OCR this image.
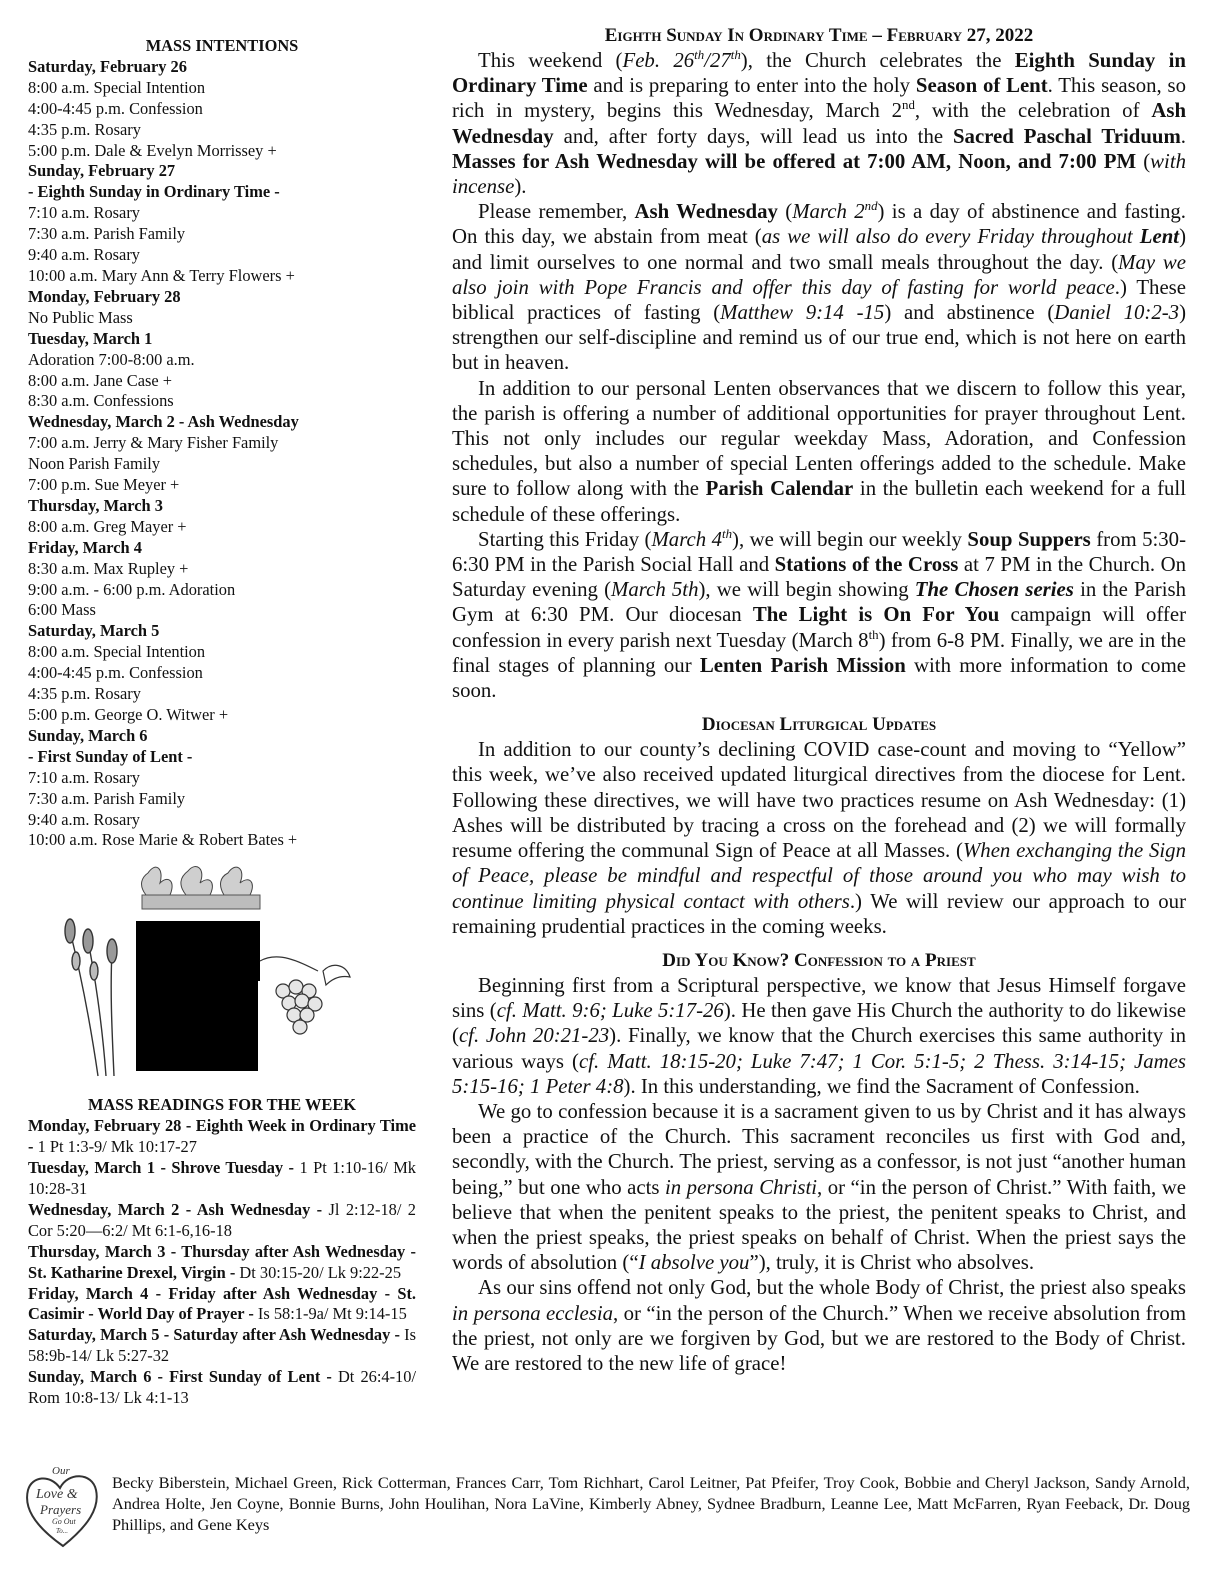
MASS INTENTIONS
Saturday, February 26
8:00 a.m. Special Intention
4:00-4:45 p.m. Confession
4:35 p.m. Rosary
5:00 p.m. Dale & Evelyn Morrissey +
Sunday, February 27
- Eighth Sunday in Ordinary Time -
7:10 a.m. Rosary
7:30 a.m. Parish Family
9:40 a.m. Rosary
10:00 a.m. Mary Ann & Terry Flowers +
Monday, February 28
No Public Mass
Tuesday, March 1
Adoration 7:00-8:00 a.m.
8:00 a.m. Jane Case +
8:30 a.m. Confessions
Wednesday, March 2 - Ash Wednesday
7:00 a.m. Jerry & Mary Fisher Family
Noon Parish Family
7:00 p.m. Sue Meyer +
Thursday, March 3
8:00 a.m. Greg Mayer +
Friday, March 4
8:30 a.m. Max Rupley +
9:00 a.m. - 6:00 p.m. Adoration
6:00 Mass
Saturday, March 5
8:00 a.m. Special Intention
4:00-4:45 p.m. Confession
4:35 p.m. Rosary
5:00 p.m. George O. Witwer +
Sunday, March 6
- First Sunday of Lent -
7:10 a.m. Rosary
7:30 a.m. Parish Family
9:40 a.m. Rosary
10:00 a.m. Rose Marie & Robert Bates +
MASS READINGS FOR THE WEEK
Monday, February 28 - Eighth Week in Ordinary Time - 1 Pt 1:3-9/ Mk 10:17-27
Tuesday, March 1 - Shrove Tuesday - 1 Pt 1:10-16/ Mk 10:28-31
Wednesday, March 2 - Ash Wednesday - Jl 2:12-18/ 2 Cor 5:20—6:2/ Mt 6:1-6,16-18
Thursday, March 3 - Thursday after Ash Wednesday - St. Katharine Drexel, Virgin - Dt 30:15-20/ Lk 9:22-25
Friday, March 4 - Friday after Ash Wednesday - St. Casimir - World Day of Prayer - Is 58:1-9a/ Mt 9:14-15
Saturday, March 5 - Saturday after Ash Wednesday - Is 58:9b-14/ Lk 5:27-32
Sunday, March 6 - First Sunday of Lent - Dt 26:4-10/ Rom 10:8-13/ Lk 4:1-13
Eighth Sunday In Ordinary Time – February 27, 2022

This weekend (Feb. 26th/27th), the Church celebrates the Eighth Sunday in Ordinary Time and is preparing to enter into the holy Season of Lent. This season, so rich in mystery, begins this Wednesday, March 2nd, with the celebration of Ash Wednesday and, after forty days, will lead us into the Sacred Paschal Triduum. Masses for Ash Wednesday will be offered at 7:00 AM, Noon, and 7:00 PM (with incense).

Please remember, Ash Wednesday (March 2nd) is a day of abstinence and fasting. On this day, we abstain from meat (as we will also do every Friday throughout Lent) and limit ourselves to one normal and two small meals throughout the day. (May we also join with Pope Francis and offer this day of fasting for world peace.) These biblical practices of fasting (Matthew 9:14 -15) and abstinence (Daniel 10:2-3) strengthen our self-discipline and remind us of our true end, which is not here on earth but in heaven.

In addition to our personal Lenten observances that we discern to follow this year, the parish is offering a number of additional opportunities for prayer throughout Lent. This not only includes our regular weekday Mass, Adoration, and Confession schedules, but also a number of special Lenten offerings added to the schedule. Make sure to follow along with the Parish Calendar in the bulletin each weekend for a full schedule of these offerings.

Starting this Friday (March 4th), we will begin our weekly Soup Suppers from 5:30-6:30 PM in the Parish Social Hall and Stations of the Cross at 7 PM in the Church. On Saturday evening (March 5th), we will begin showing The Chosen series in the Parish Gym at 6:30 PM. Our diocesan The Light is On For You campaign will offer confession in every parish next Tuesday (March 8th) from 6-8 PM. Finally, we are in the final stages of planning our Lenten Parish Mission with more information to come soon.

Diocesan Liturgical Updates

In addition to our county’s declining COVID case-count and moving to “Yellow” this week, we’ve also received updated liturgical directives from the diocese for Lent. Following these directives, we will have two practices resume on Ash Wednesday: (1) Ashes will be distributed by tracing a cross on the forehead and (2) we will formally resume offering the communal Sign of Peace at all Masses. (When exchanging the Sign of Peace, please be mindful and respectful of those around you who may wish to continue limiting physical contact with others.) We will review our approach to our remaining prudential practices in the coming weeks.

Did You Know? Confession to a Priest

Beginning first from a Scriptural perspective, we know that Jesus Himself forgave sins (cf. Matt. 9:6; Luke 5:17-26). He then gave His Church the authority to do likewise (cf. John 20:21-23). Finally, we know that the Church exercises this same authority in various ways (cf. Matt. 18:15-20; Luke 7:47; 1 Cor. 5:1-5; 2 Thess. 3:14-15; James 5:15-16; 1 Peter 4:8). In this understanding, we find the Sacrament of Confession.

We go to confession because it is a sacrament given to us by Christ and it has always been a practice of the Church. This sacrament reconciles us first with God and, secondly, with the Church. The priest, serving as a confessor, is not just “another human being,” but one who acts in persona Christi, or “in the person of Christ.” With faith, we believe that when the penitent speaks to the priest, the penitent speaks to Christ, and when the priest speaks, the priest speaks on behalf of Christ. When the priest says the words of absolution (“I absolve you”), truly, it is Christ who absolves.

As our sins offend not only God, but the whole Body of Christ, the priest also speaks in persona ecclesia, or “in the person of the Church.” When we receive absolution from the priest, not only are we forgiven by God, but we are restored to the Body of Christ. We are restored to the new life of grace!

Our
Love &
Prayers
Go Out
To...
Becky Biberstein, Michael Green, Rick Cotterman, Frances Carr, Tom Richhart, Carol Leitner, Pat Pfeifer, Troy Cook, Bobbie and Cheryl Jackson, Sandy Arnold, Andrea Holte, Jen Coyne, Bonnie Burns, John Houlihan, Nora LaVine, Kimberly Abney, Sydnee Bradburn, Leanne Lee, Matt McFarren, Ryan Feeback, Dr. Doug Phillips, and Gene Keys
